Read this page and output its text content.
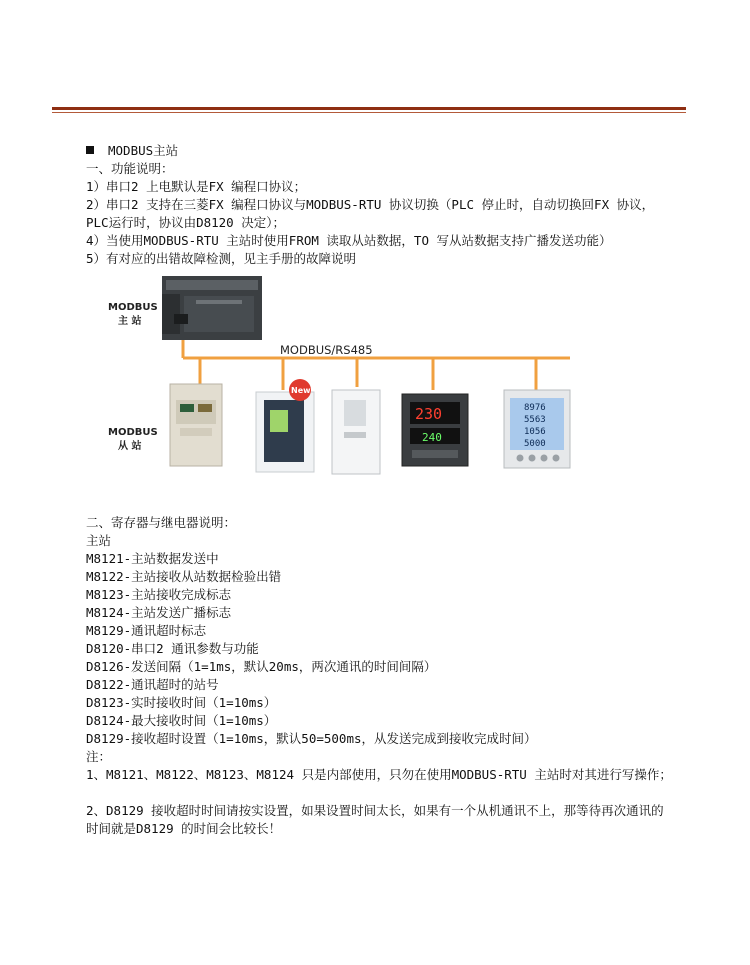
MODBUS主站
一、功能说明：
1）串口2 上电默认是FX 编程口协议；
2）串口2 支持在三菱FX 编程口协议与MODBUS-RTU 协议切换（PLC 停止时，自动切换回FX 协议，PLC运行时，协议由D8120 决定）；
4）当使用MODBUS-RTU 主站时使用FROM 读取从站数据，TO 写从站数据支持广播发送功能）
5）有对应的出错故障检测，见主手册的故障说明
MODBUS
主 站
MODBUS/RS485
MODBUS
从 站
New
230
240
8976
5563
1056
5000
二、寄存器与继电器说明：
主站
M8121-主站数据发送中
M8122-主站接收从站数据检验出错
M8123-主站接收完成标志
M8124-主站发送广播标志
M8129-通讯超时标志
D8120-串口2 通讯参数与功能
D8126-发送间隔（1=1ms，默认20ms，两次通讯的时间间隔）
D8122-通讯超时的站号
D8123-实时接收时间（1=10ms）
D8124-最大接收时间（1=10ms）
D8129-接收超时设置（1=10ms，默认50=500ms，从发送完成到接收完成时间）
注：
1、M8121、M8122、M8123、M8124 只是内部使用，只勿在使用MODBUS-RTU 主站时对其进行写操作；
2、D8129 接收超时时间请按实设置，如果设置时间太长，如果有一个从机通讯不上，那等待再次通讯的时间就是D8129 的时间会比较长！
